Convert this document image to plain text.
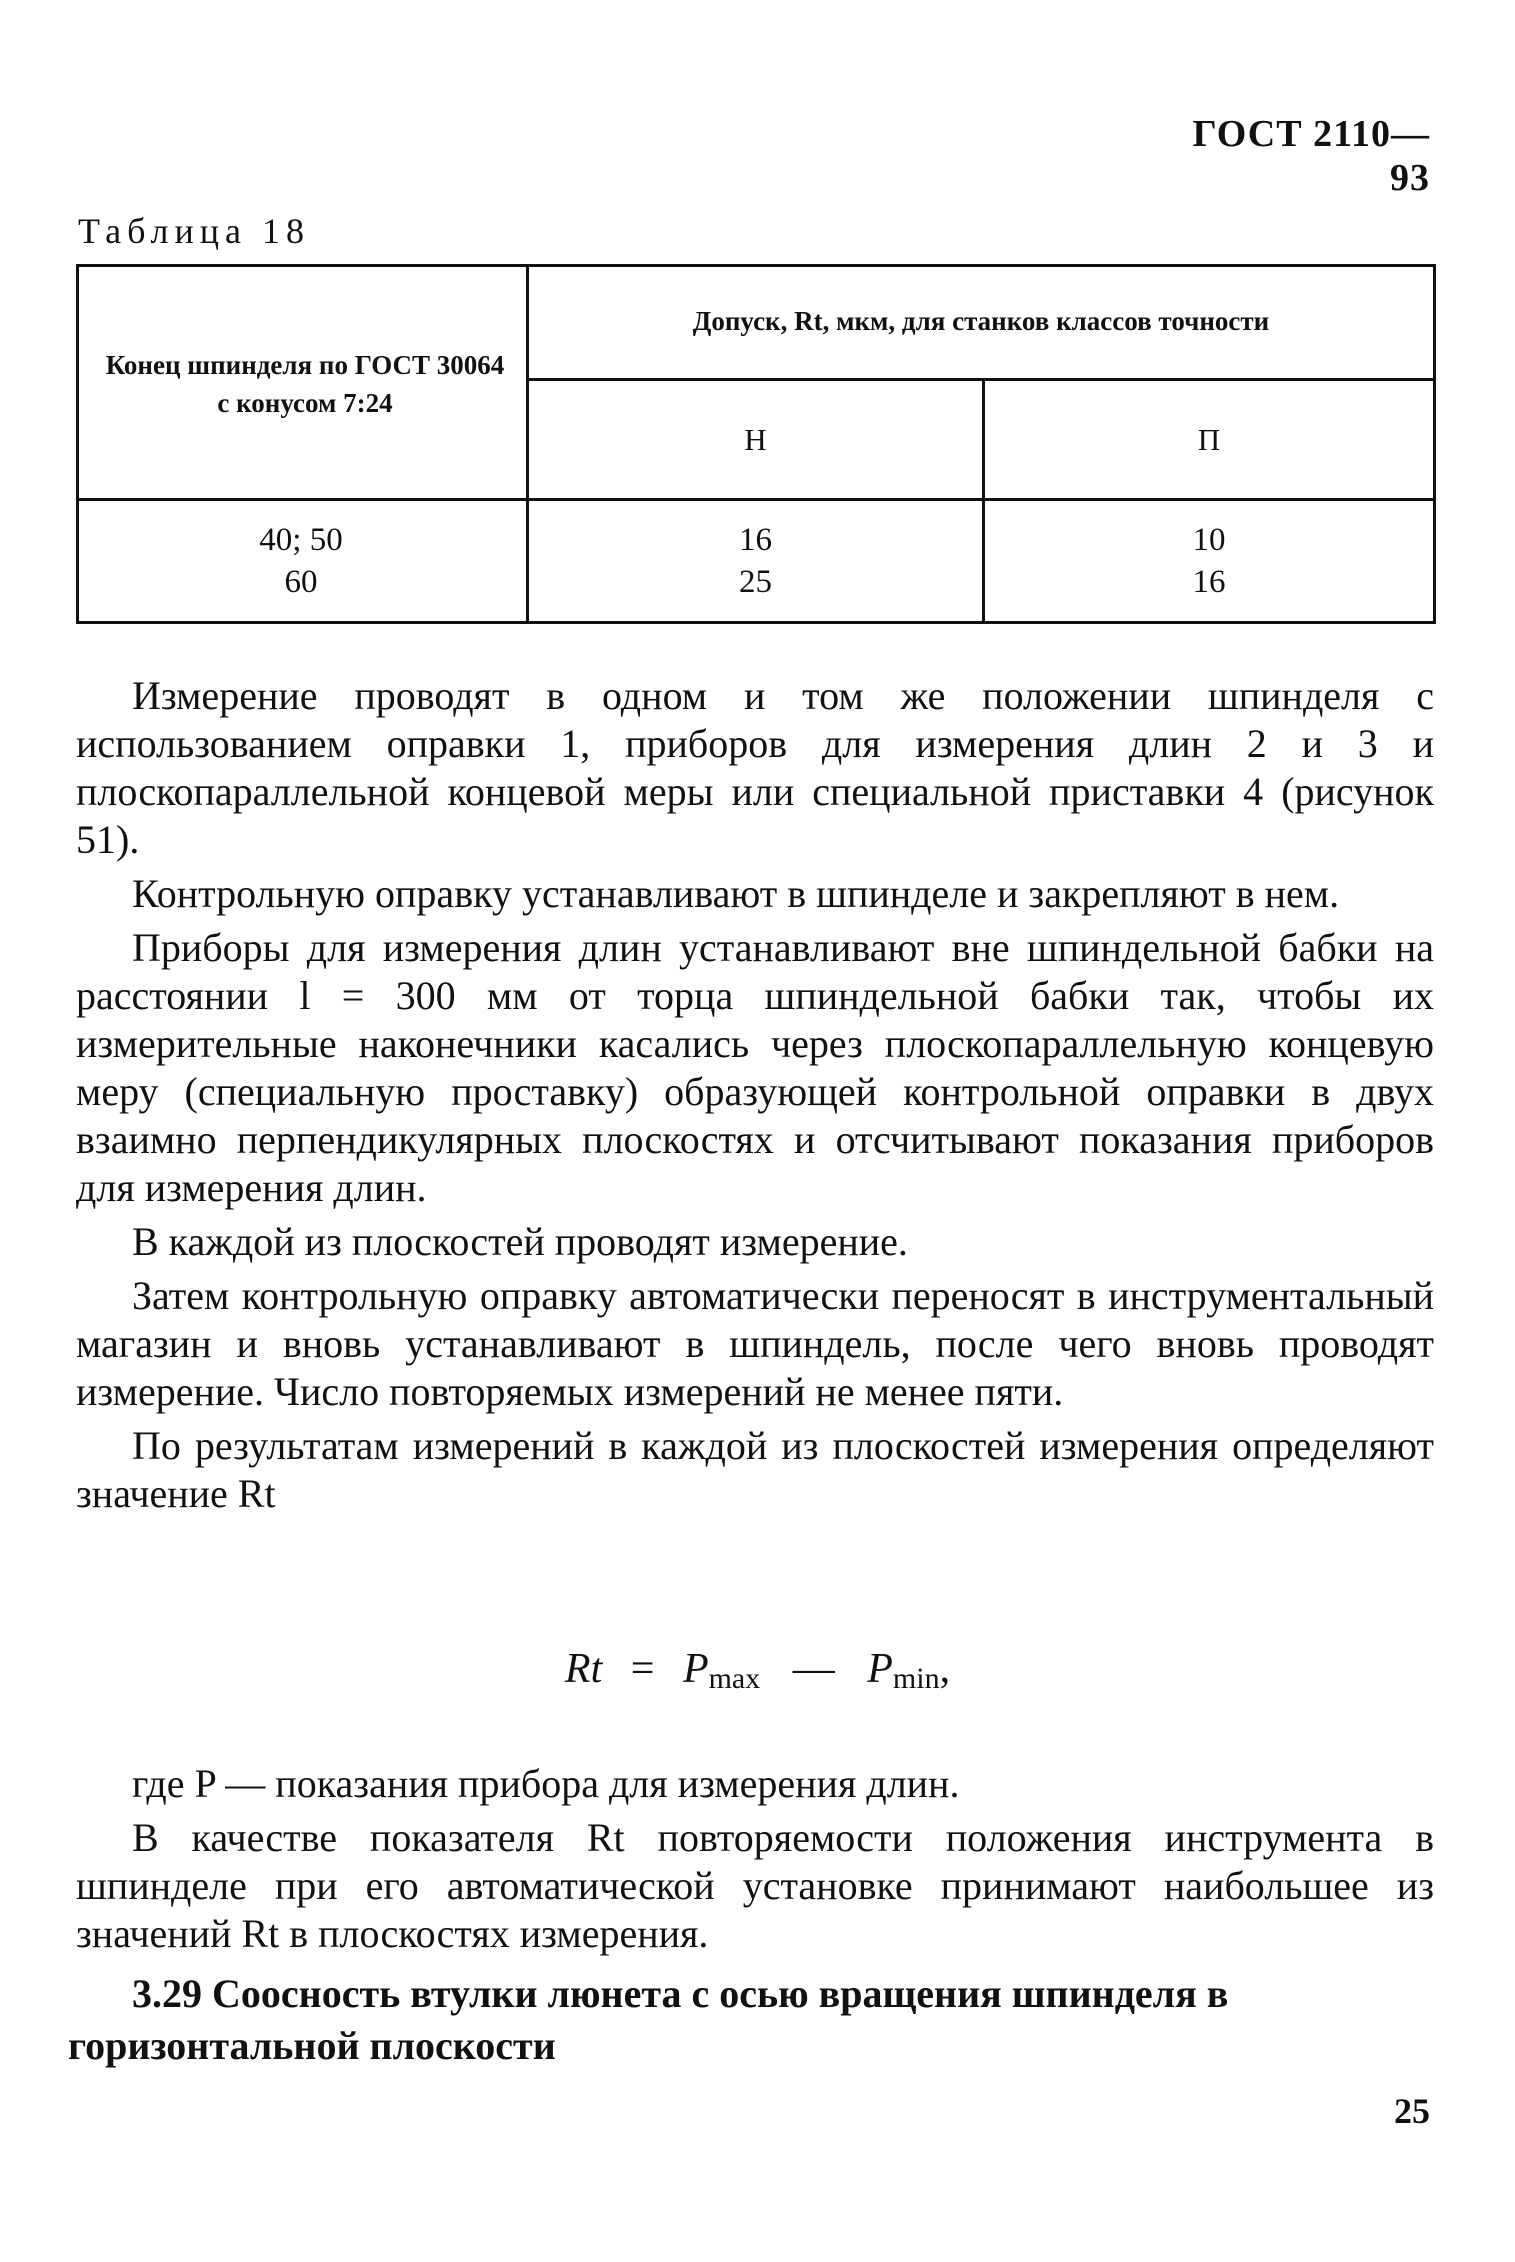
ГОСТ 2110—93
Таблица 18
Конец шпинделя по ГОСТ 30064 с конусом 7:24
Допуск, Rt, мкм, для станков классов точности
Н	П
40; 50
60
16
25
10
16

Измерение проводят в одном и том же положении шпинделя с использованием оправки 1, приборов для измерения длин 2 и 3 и плоскопараллельной концевой меры или специальной приставки 4 (рисунок 51).

Контрольную оправку устанавливают в шпинделе и закрепляют в нем.

Приборы для измерения длин устанавливают вне шпиндельной бабки на расстоянии l = 300 мм от торца шпиндельной бабки так, чтобы их измерительные наконечники касались через плоскопараллельную концевую меру (специальную проставку) образующей контрольной оправки в двух взаимно перпендикулярных плоскостях и отсчитывают показания приборов для измерения длин.

В каждой из плоскостей проводят измерение.

Затем контрольную оправку автоматически переносят в инструментальный магазин и вновь устанавливают в шпиндель, после чего вновь проводят измерение. Число повторяемых измерений не менее пяти.

По результатам измерений в каждой из плоскостей измерения определяют значение Rt

$Rt = P_{max}$ — $P_{min}$,

где P — показания прибора для измерения длин.

В качестве показателя Rt повторяемости положения инструмента в шпинделе при его автоматической установке принимают наибольшее из значений Rt в плоскостях измерения.

3.29 Соосность втулки люнета с осью вращения шпинделя в горизонтальной плоскости
25
